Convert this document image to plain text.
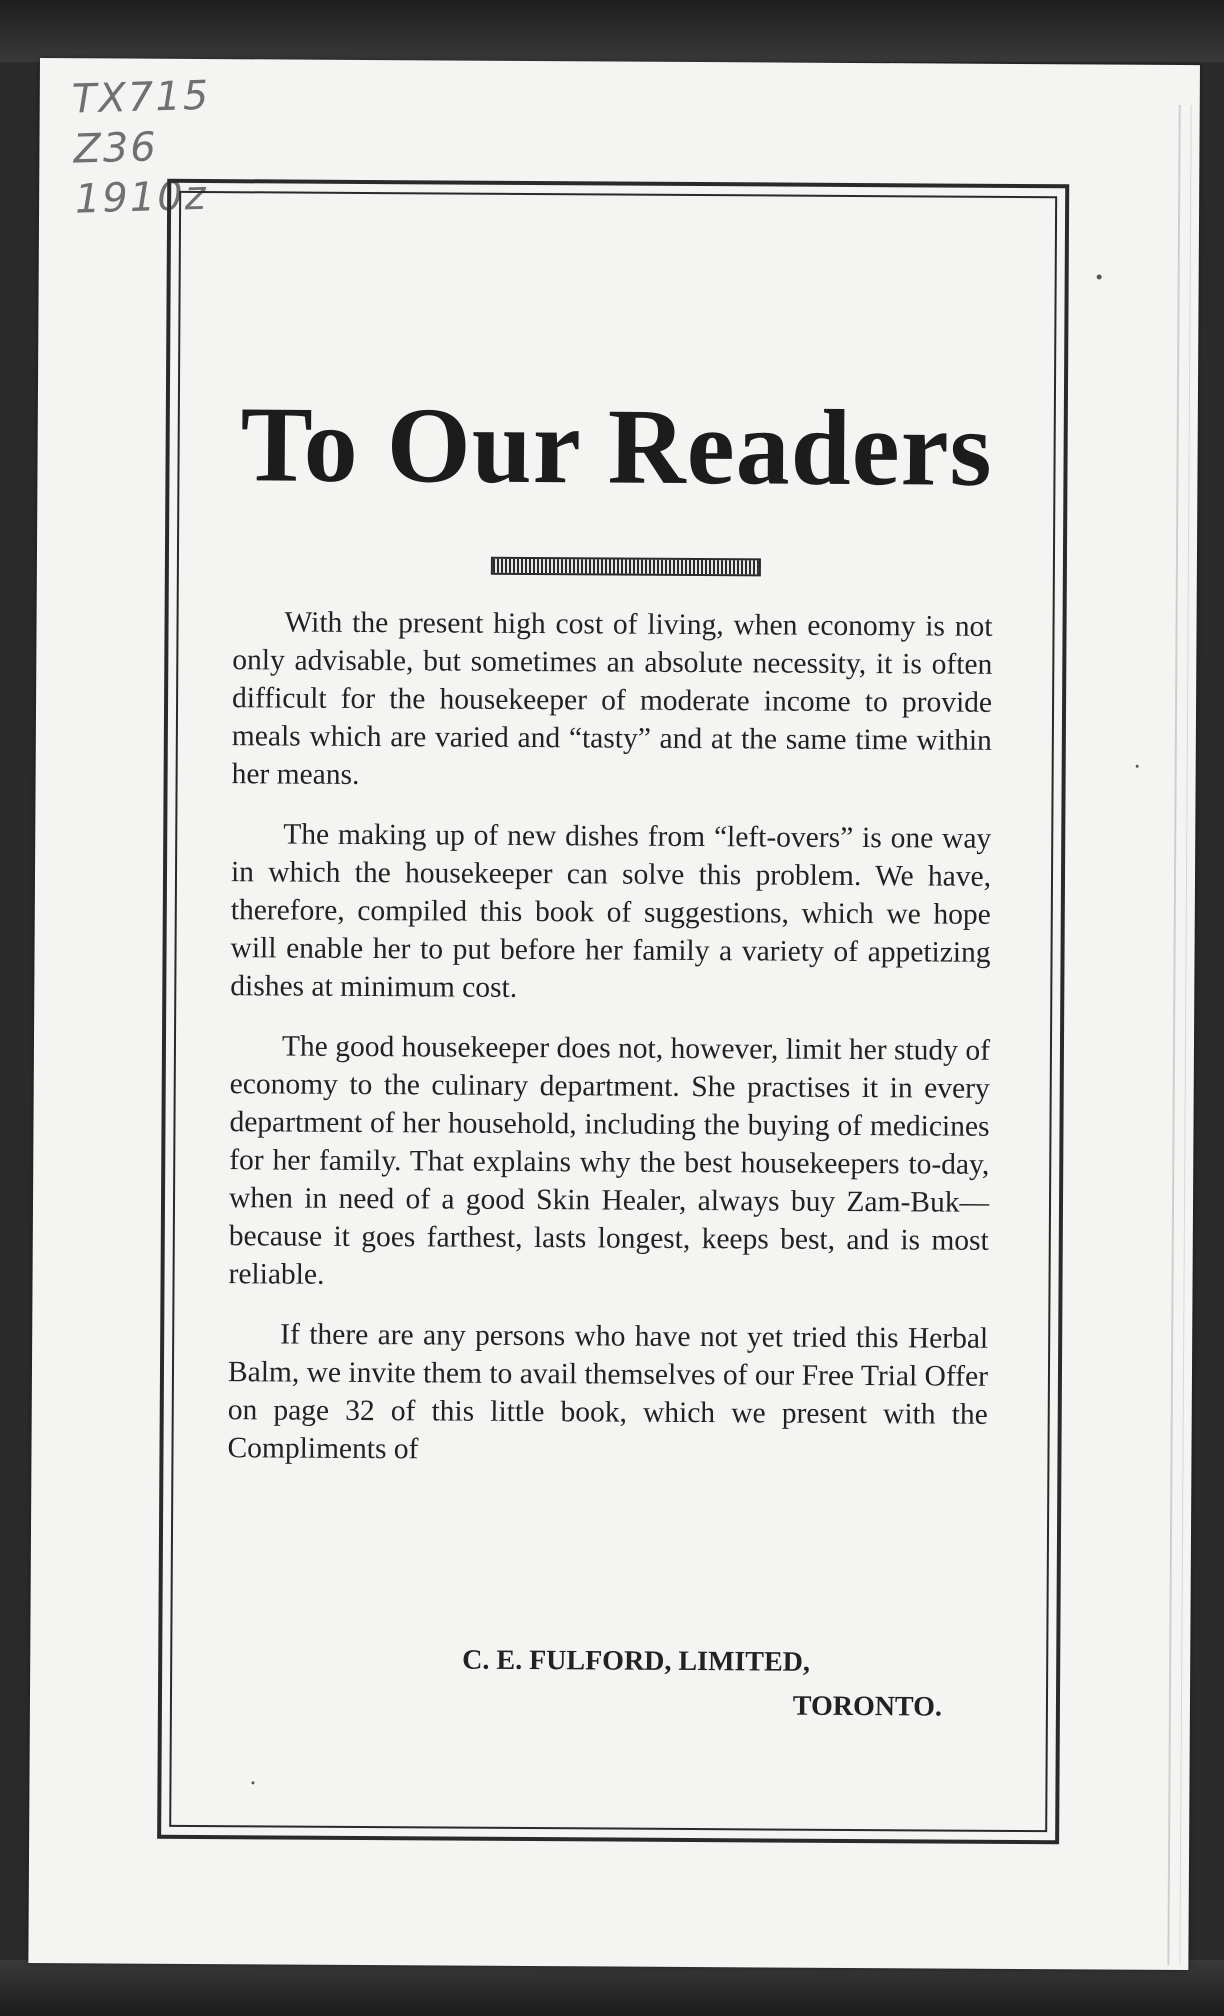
TX715
Z36
1910z
To Our Readers

With the present high cost of living, when economy is not only advisable, but sometimes an absolute necessity, it is often difficult for the housekeeper of moderate income to provide meals which are varied and “tasty” and at the same time within her means.

The making up of new dishes from “left-overs” is one way in which the housekeeper can solve this problem. We have, therefore, compiled this book of suggestions, which we hope will enable her to put before her family a variety of appetizing dishes at minimum cost.

The good housekeeper does not, however, limit her study of economy to the culinary department. She practises it in every department of her household, including the buying of medicines for her family. That explains why the best housekeepers to-day, when in need of a good Skin Healer, always buy Zam-Buk—because it goes farthest, lasts longest, keeps best, and is most reliable.

If there are any persons who have not yet tried this Herbal Balm, we invite them to avail themselves of our Free Trial Offer on page 32 of this little book, which we present with the Compliments of

C. E. FULFORD, LIMITED,
TORONTO.
